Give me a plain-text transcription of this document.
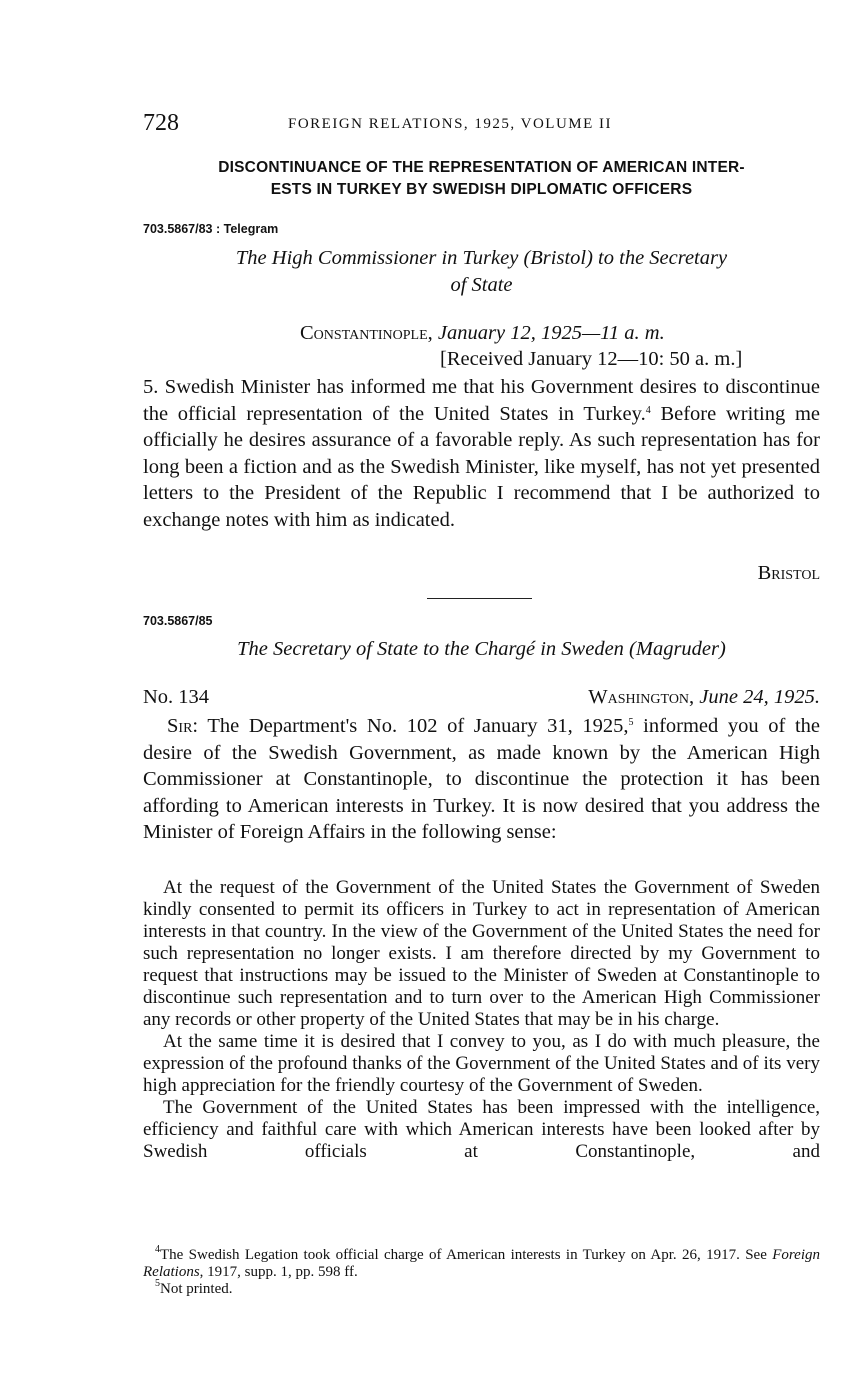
728	FOREIGN RELATIONS, 1925, VOLUME II
DISCONTINUANCE OF THE REPRESENTATION OF AMERICAN INTER-
ESTS IN TURKEY BY SWEDISH DIPLOMATIC OFFICERS
703.5867/83 : Telegram
The High Commissioner in Turkey (Bristol) to the Secretary
of State
Constantinople, January 12, 1925—11 a. m.
[Received January 12—10: 50 a. m.]
5. Swedish Minister has informed me that his Government desires to discontinue the official representation of the United States in Turkey.$^4$ Before writing me officially he desires assurance of a favorable reply. As such representation has for long been a fiction and as the Swedish Minister, like myself, has not yet presented letters to the President of the Republic I recommend that I be authorized to exchange notes with him as indicated.
Bristol
703.5867/85
The Secretary of State to the Chargé in Sweden (Magruder)
No. 134	Washington, June 24, 1925.
Sir: The Department's No. 102 of January 31, 1925,$^5$ informed you of the desire of the Swedish Government, as made known by the American High Commissioner at Constantinople, to discontinue the protection it has been affording to American interests in Turkey. It is now desired that you address the Minister of Foreign Affairs in the following sense:

At the request of the Government of the United States the Government of Sweden kindly consented to permit its officers in Turkey to act in representation of American interests in that country. In the view of the Government of the United States the need for such representation no longer exists. I am therefore directed by my Government to request that instructions may be issued to the Minister of Sweden at Constantinople to discontinue such representation and to turn over to the American High Commissioner any records or other property of the United States that may be in his charge.

At the same time it is desired that I convey to you, as I do with much pleasure, the expression of the profound thanks of the Government of the United States and of its very high appreciation for the friendly courtesy of the Government of Sweden.

The Government of the United States has been impressed with the intelligence, efficiency and faithful care with which American interests have been looked after by Swedish officials at Constantinople, and

$^4$The Swedish Legation took official charge of American interests in Turkey on Apr. 26, 1917. See Foreign Relations, 1917, supp. 1, pp. 598 ff.

$^5$Not printed.
